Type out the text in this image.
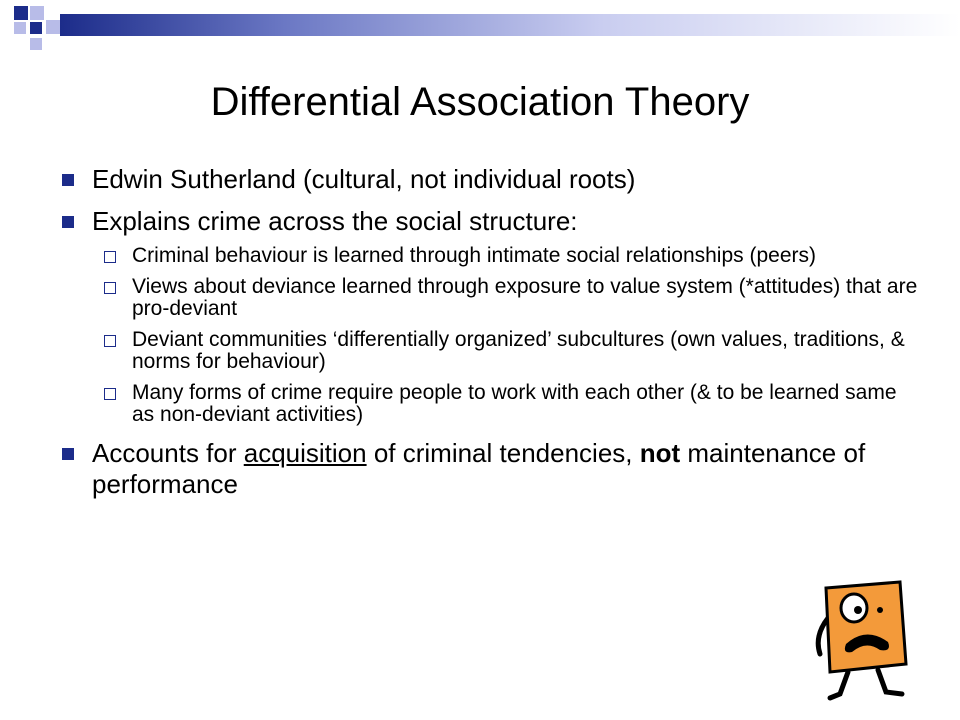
Differential Association Theory
Edwin Sutherland (cultural, not individual roots)
Explains crime across the social structure:
Criminal behaviour is learned through intimate social relationships (peers)
Views about deviance learned through exposure to value system (*attitudes) that are pro-deviant
Deviant communities ‘differentially organized’ subcultures (own values, traditions, & norms for behaviour)
Many forms of crime require people to work with each other (& to be learned same as non-deviant activities)
Accounts for acquisition of criminal tendencies, not maintenance of performance
